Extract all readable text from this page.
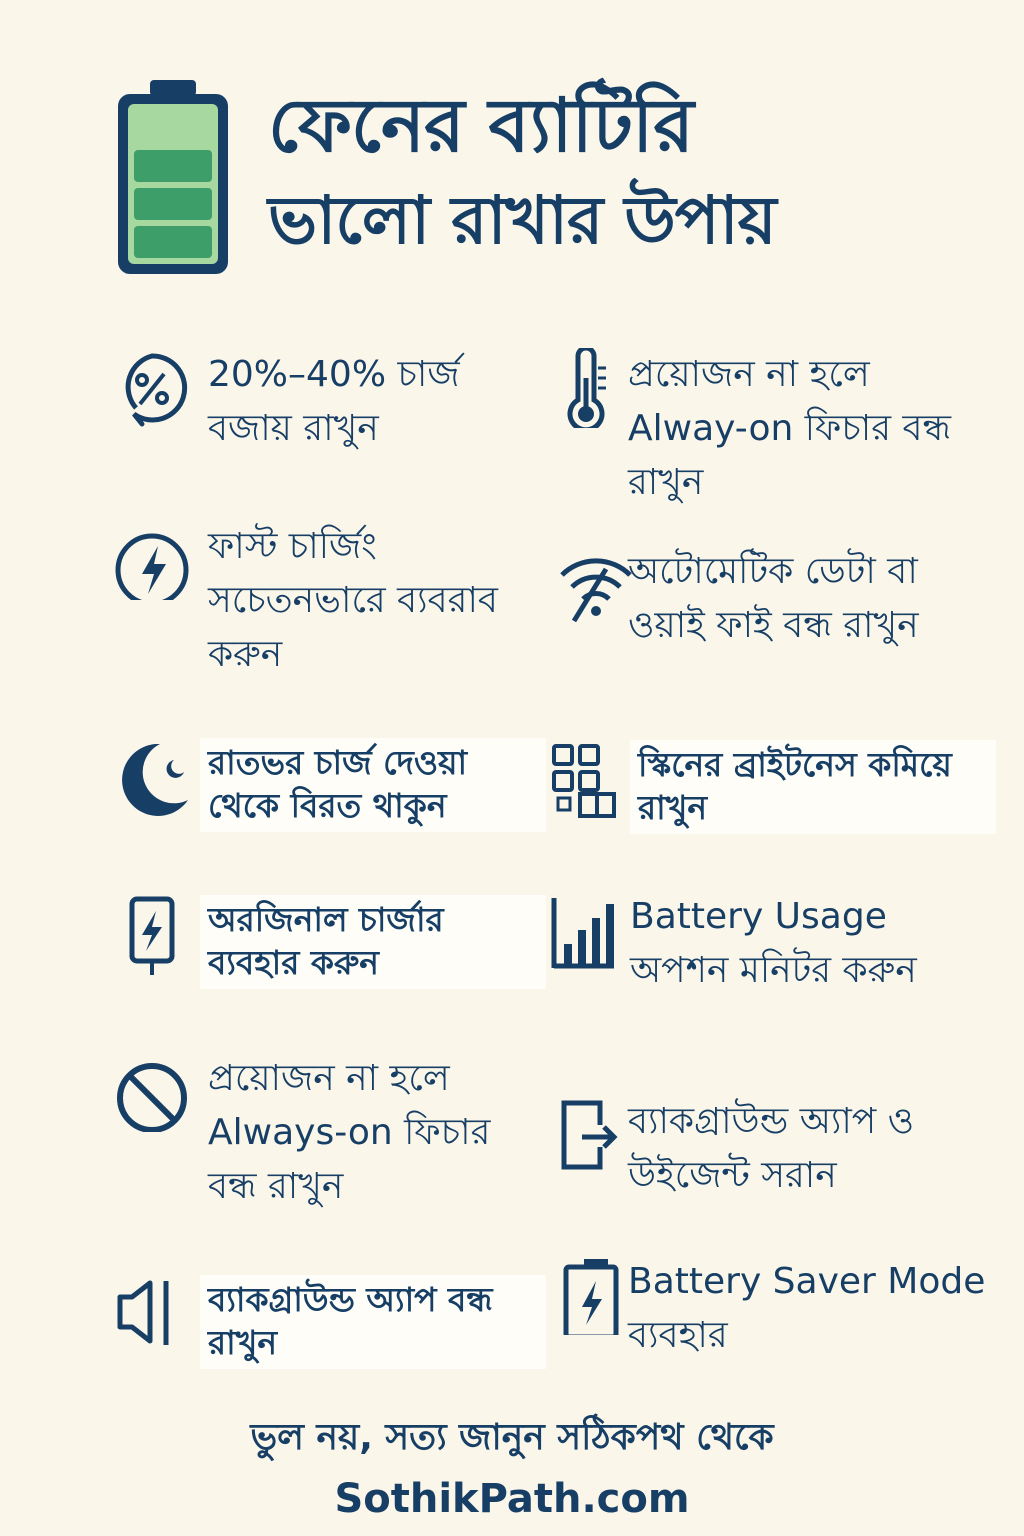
ফেনের ব্যাটিরি
ভালো রাখার উপায়
20%–40% চার্জ বজায় রাখুন
ফাস্ট চার্জিং সচেতনভারে ব্যবরাব করুন
রাতভর চার্জ দেওয়া থেকে বিরত থাকুন
অরজিনাল চার্জার ব্যবহার করুন
প্রয়োজন না হলে Always-on ফিচার বন্ধ রাখুন
ব্যাকগ্রাউন্ড অ্যাপ বন্ধ রাখুন
প্রয়োজন না হলে Alway-on ফিচার বন্ধ রাখুন
অটোমেটিক ডেটা বা ওয়াই ফাই বন্ধ রাখুন
স্কিনের ব্রাইটনেস কমিয়ে রাখুন
Battery Usage অপশন মনিটর করুন
ব্যাকগ্রাউন্ড অ্যাপ ও উইজেন্ট সরান
Battery Saver Mode ব্যবহার
ভুল নয়, সত্য জানুন সঠিকপথ থেকে
SothikPath.com
